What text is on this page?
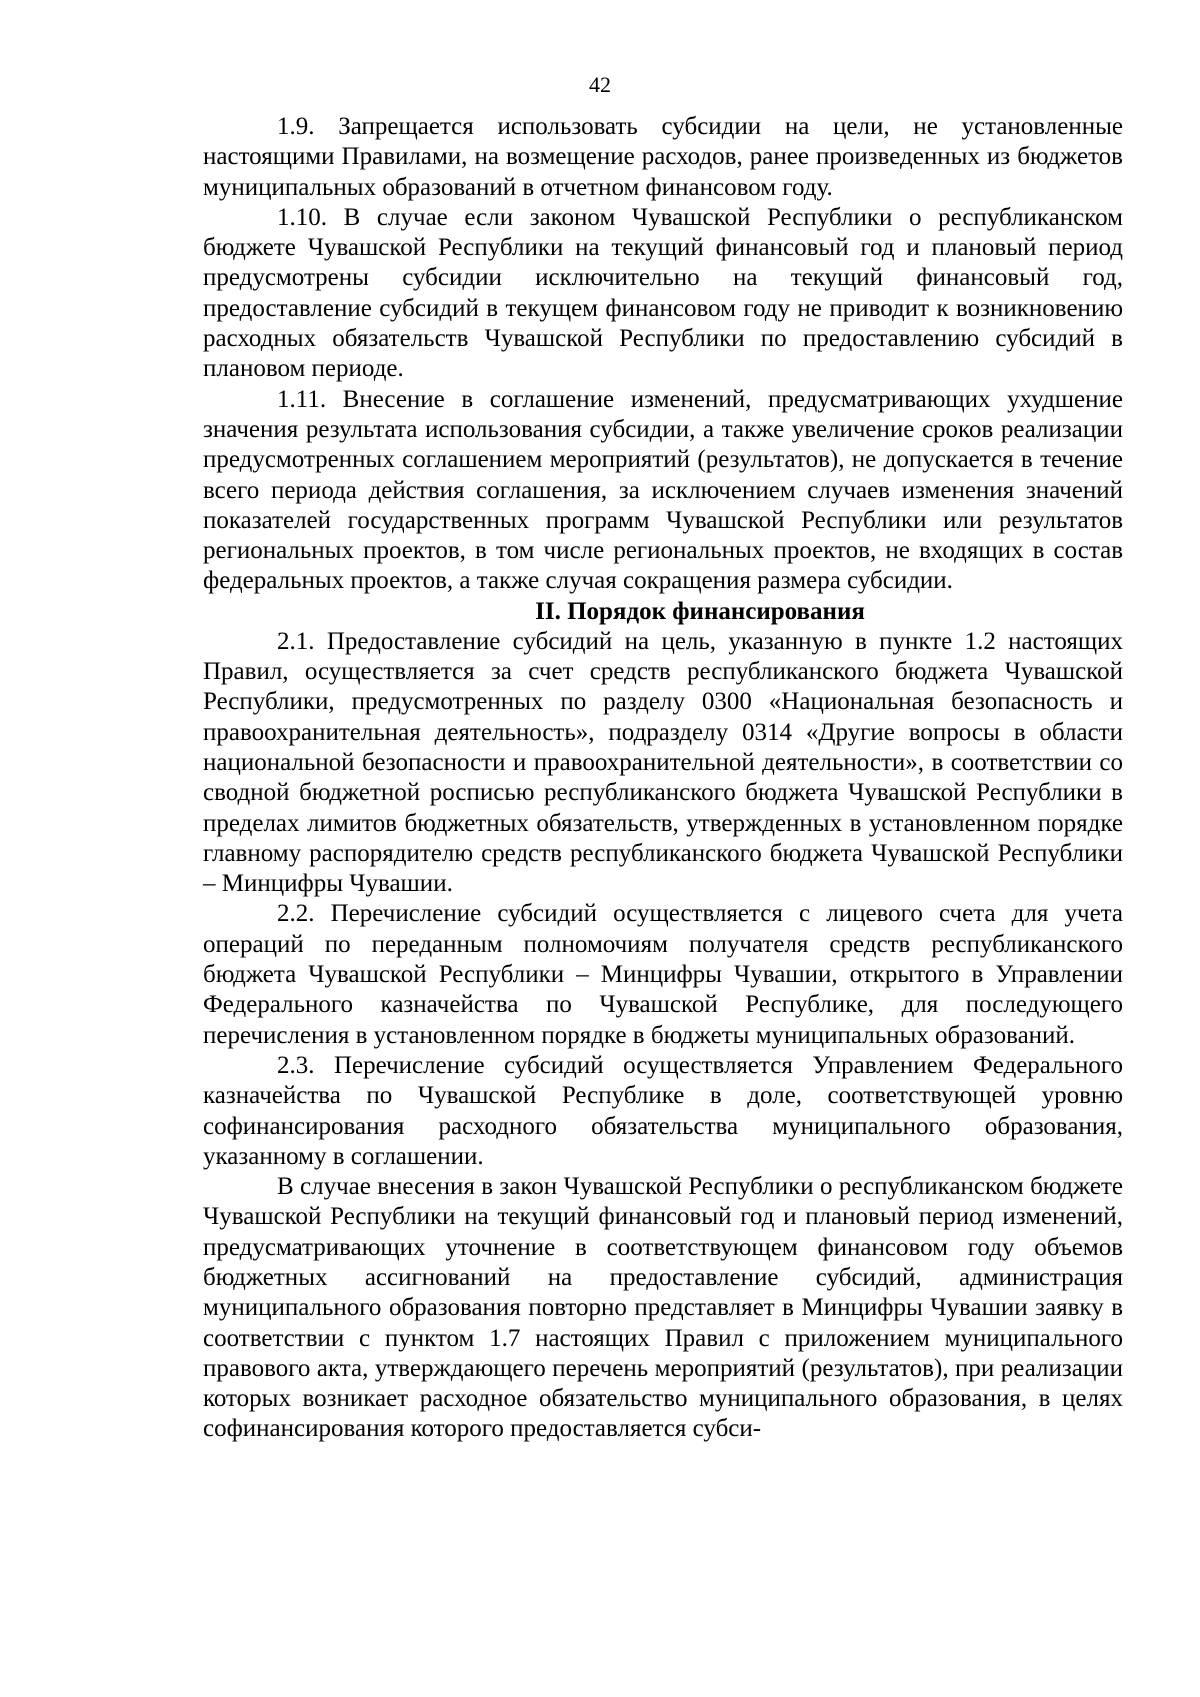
42

1.9. Запрещается использовать субсидии на цели, не установленные настоящими Правилами, на возмещение расходов, ранее произведенных из бюджетов муниципальных образований в отчетном финансовом году.

1.10. В случае если законом Чувашской Республики о республиканском бюджете Чувашской Республики на текущий финансовый год и плановый период предусмотрены субсидии исключительно на текущий финансовый год, предоставление субсидий в текущем финансовом году не приводит к возникновению расходных обязательств Чувашской Республики по предоставлению субсидий в плановом периоде.

1.11. Внесение в соглашение изменений, предусматривающих ухудшение значения результата использования субсидии, а также увеличение сроков реализации предусмотренных соглашением мероприятий (результатов), не допускается в течение всего периода действия соглашения, за исключением случаев изменения значений показателей государственных программ Чувашской Республики или результатов региональных проектов, в том числе региональных проектов, не входящих в состав федеральных проектов, а также случая сокращения размера субсидии.

II. Порядок финансирования

2.1. Предоставление субсидий на цель, указанную в пункте 1.2 настоящих Правил, осуществляется за счет средств республиканского бюджета Чувашской Республики, предусмотренных по разделу 0300 «Национальная безопасность и правоохранительная деятельность», подразделу 0314 «Другие вопросы в области национальной безопасности и правоохранительной деятельности», в соответствии со сводной бюджетной росписью республиканского бюджета Чувашской Республики в пределах лимитов бюджетных обязательств, утвержденных в установленном порядке главному распорядителю средств республиканского бюджета Чувашской Республики – Минцифры Чувашии.

2.2. Перечисление субсидий осуществляется с лицевого счета для учета операций по переданным полномочиям получателя средств республиканского бюджета Чувашской Республики – Минцифры Чувашии, открытого в Управлении Федерального казначейства по Чувашской Республике, для последующего перечисления в установленном порядке в бюджеты муниципальных образований.

2.3. Перечисление субсидий осуществляется Управлением Федерального казначейства по Чувашской Республике в доле, соответствующей уровню софинансирования расходного обязательства муниципального образования, указанному в соглашении.

В случае внесения в закон Чувашской Республики о республиканском бюджете Чувашской Республики на текущий финансовый год и плановый период изменений, предусматривающих уточнение в соответствующем финансовом году объемов бюджетных ассигнований на предоставление субсидий, администрация муниципального образования повторно представляет в Минцифры Чувашии заявку в соответствии с пунктом 1.7 настоящих Правил с приложением муниципального правового акта, утверждающего перечень мероприятий (результатов), при реализации которых возникает расходное обязательство муниципального образования, в целях софинансирования которого предоставляется субси-
